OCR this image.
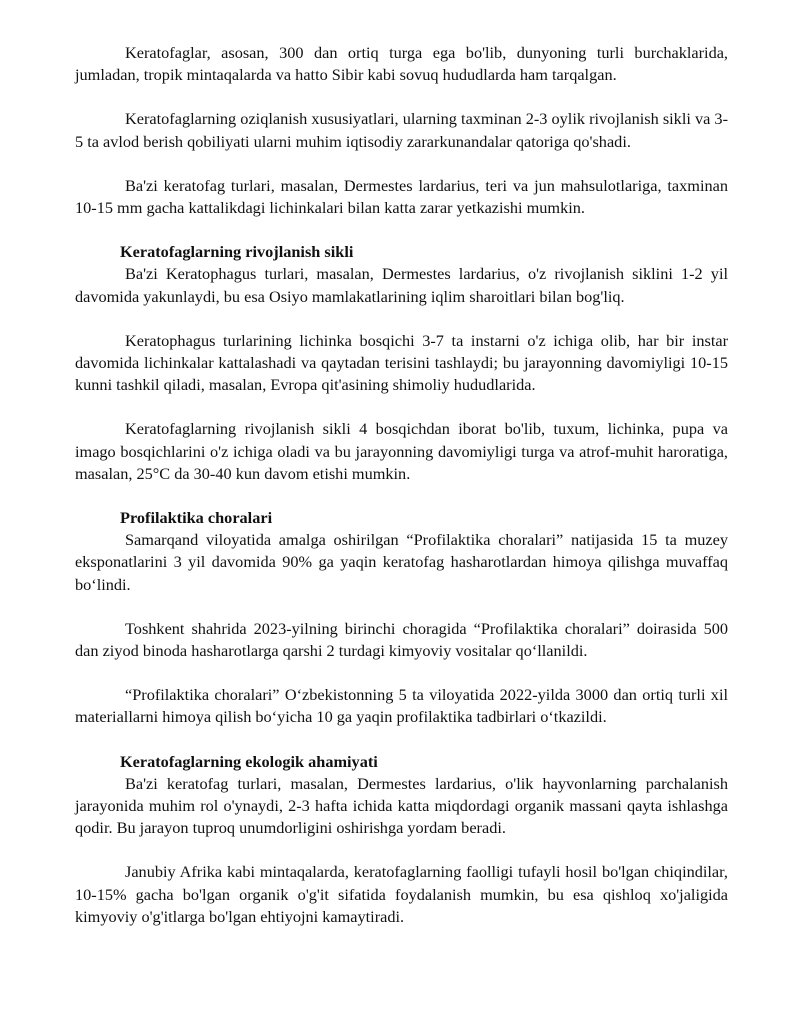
Keratofaglar, asosan, 300 dan ortiq turga ega bo'lib, dunyoning turli burchaklarida, jumladan, tropik mintaqalarda va hatto Sibir kabi sovuq hududlarda ham tarqalgan.

Keratofaglarning oziqlanish xususiyatlari, ularning taxminan 2-3 oylik rivojlanish sikli va 3-5 ta avlod berish qobiliyati ularni muhim iqtisodiy zararkunandalar qatoriga qo'shadi.

Ba'zi keratofag turlari, masalan, Dermestes lardarius, teri va jun mahsulotlariga, taxminan 10-15 mm gacha kattalikdagi lichinkalari bilan katta zarar yetkazishi mumkin.

Keratofaglarning rivojlanish sikli

Ba'zi Keratophagus turlari, masalan, Dermestes lardarius, o'z rivojlanish siklini 1-2 yil davomida yakunlaydi, bu esa Osiyo mamlakatlarining iqlim sharoitlari bilan bog'liq.

Keratophagus turlarining lichinka bosqichi 3-7 ta instarni o'z ichiga olib, har bir instar davomida lichinkalar kattalashadi va qaytadan terisini tashlaydi; bu jarayonning davomiyligi 10-15 kunni tashkil qiladi, masalan, Evropa qit'asining shimoliy hududlarida.

Keratofaglarning rivojlanish sikli 4 bosqichdan iborat bo'lib, tuxum, lichinka, pupa va imago bosqichlarini o'z ichiga oladi va bu jarayonning davomiyligi turga va atrof-muhit haroratiga, masalan, 25°C da 30-40 kun davom etishi mumkin.

Profilaktika choralari

Samarqand viloyatida amalga oshirilgan “Profilaktika choralari” natijasida 15 ta muzey eksponatlarini 3 yil davomida 90% ga yaqin keratofag hasharotlardan himoya qilishga muvaffaq bo‘lindi.

Toshkent shahrida 2023-yilning birinchi choragida “Profilaktika choralari” doirasida 500 dan ziyod binoda hasharotlarga qarshi 2 turdagi kimyoviy vositalar qo‘llanildi.

“Profilaktika choralari” O‘zbekistonning 5 ta viloyatida 2022-yilda 3000 dan ortiq turli xil materiallarni himoya qilish bo‘yicha 10 ga yaqin profilaktika tadbirlari o‘tkazildi.

Keratofaglarning ekologik ahamiyati

Ba'zi keratofag turlari, masalan, Dermestes lardarius, o'lik hayvonlarning parchalanish jarayonida muhim rol o'ynaydi, 2-3 hafta ichida katta miqdordagi organik massani qayta ishlashga qodir. Bu jarayon tuproq unumdorligini oshirishga yordam beradi.

Janubiy Afrika kabi mintaqalarda, keratofaglarning faolligi tufayli hosil bo'lgan chiqindilar, 10-15% gacha bo'lgan organik o'g'it sifatida foydalanish mumkin, bu esa qishloq xo'jaligida kimyoviy o'g'itlarga bo'lgan ehtiyojni kamaytiradi.
